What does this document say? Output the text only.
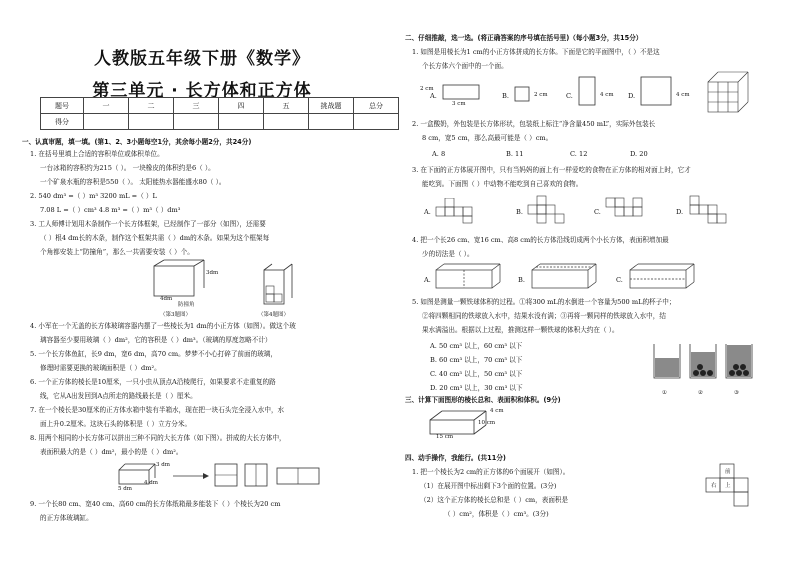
人教版五年级下册《数学》
第三单元 · 长方体和正方体
题号	一	二	三	四	五	挑战题	总分
得分							
一、认真审题，填一填。(第1、2、3小题每空1分，其余每小题2分，共24分)
1. 在括号里填上合适的容积单位或体积单位。
一台冰箱的容积约为215（ ）。 一块橡皮的体积约是6（ ）。
一个矿泉水瓶的容积是550（ ）。 太阳能热水器能盛水80（ ）。
2. 540 dm³ =（ ）m³ 3200 mL =（ ）L
7.08 L =（ ）cm³ 4.8 m³ =（ ）m³（ ）dm³
3. 工人师傅计划用木条制作一个长方体框架，已经制作了一部分（如图），还需要
（ ）根4 dm长的木条，制作这个框架共需（ ）dm的木条。如果为这个框架每
个角都安装上“防撞角”，那么一共需要安装（ ）个。
4dm
3dm
防撞角
（第3题图）	（第4题图）
4. 小军在一个无盖的长方体玻璃容器内摆了一些棱长为1 dm的小正方体（如图）。做这个玻
璃容器至少要用玻璃（ ）dm²，它的容积是（ ）dm³。（玻璃的厚度忽略不计）
5. 一个长方体鱼缸，长9 dm，宽6 dm，高70 cm。梦梦不小心打碎了前面的玻璃，
修理时需要更换的玻璃面积是（ ）dm²。
6. 一个正方体的棱长是10厘米，一只小虫从顶点A沿棱爬行，如果要求不走重复的路
线，它从A出发回到A点所走的路线最长是（ ）厘米。
7. 在一个棱长是30厘米的正方体水箱中装有半箱水，现在把一块石头完全浸入水中，水
面上升0.2厘米。这块石头的体积是（ ）立方分米。
8. 用两个相同的小长方体可以拼出三种不同的大长方体（如下图）。拼成的大长方体中，
表面积最大的是（ ）dm²，最小的是（ ）dm²。
5 dm
4 dm
3 dm
9. 一个长80 cm、宽40 cm、高60 cm的长方体纸箱最多能装下（ ）个棱长为20 cm
的正方体玻璃缸。
二、仔细推敲，选一选。(将正确答案的序号填在括号里)（每小题3分，共15分）
1. 如图是用棱长为1 cm的小正方体拼成的长方体。下面是它的平面图中，（ ）不是这
个长方体六个面中的一个面。
A.
3 cm
2 cm
B.	2 cm	C.	4 cm D.	4 cm
2. 一盒酸奶，外包装是长方体形状，包装纸上标注“净含量450 mL”，实际外包装长
8 cm，宽5 cm，那么高最可能是（ ）cm。
A. 8	B. 11	C. 12	D. 20
3. 在下面的正方体展开图中，只有当妈妈的面上有一样爱吃的食物在正方体的相对面上时，它才
能吃到。下面图（ ）中动物不能吃到自己喜欢的食物。
A.	B.	C.	D.
4. 把一个长26 cm、宽16 cm、高8 cm的长方体沿线切成两个小长方体，表面积增加最
少的切法是（ ）。
A.	B.	C.
5. 如图是测量一颗铁球体积的过程。①将300 mL的水倒进一个容量为500 mL的杯子中；
②将四颗相同的铁球放入水中，结果水没有满；③再将一颗同样的铁球放入水中，结
果水满溢出。根据以上过程，推测这样一颗铁球的体积大约在（ ）。
A. 50 cm³ 以上，60 cm³ 以下
B. 60 cm³ 以上，70 cm³ 以下
C. 40 cm³ 以上，50 cm³ 以下
D. 20 cm³ 以上，30 cm³ 以下
①	②	③
三、计算下面图形的棱长总和、表面积和体积。(9分)
15 cm
10 cm
4 cm
四、动手操作，我能行。(共11分)
1. 把一个棱长为2 cm的正方体的6个面展开（如图）。
（1）在展开图中标出剩下3个面的位置。(3分)
（2）这个正方体的棱长总和是（ ）cm，表面积是
（ ）cm²，体积是（ ）cm³。(3分)
前
右 上
